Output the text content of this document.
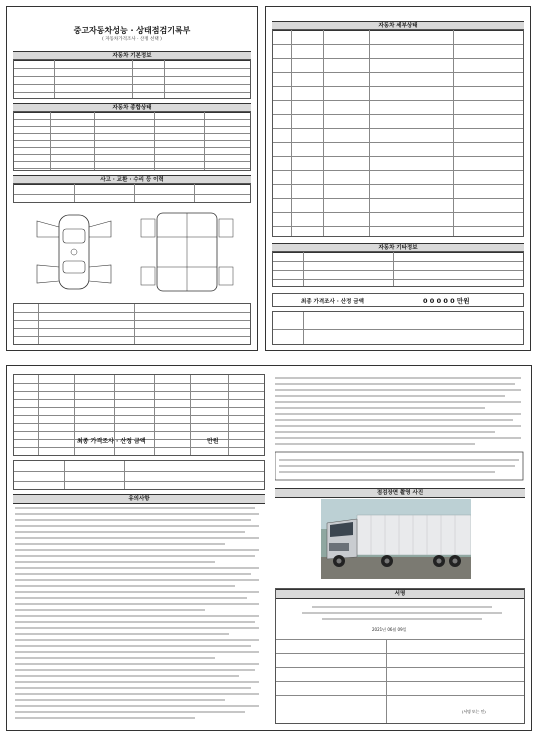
중고자동차성능 · 상태점검기록부
( 자동차가격조사 · 산정 선택 )
자동차 기본정보
자동차 종합상태
사고 · 교환 · 수리 등 이력
자동차 세부상태
자동차 기타정보
최종 가격조사 · 산정 금액	0 0 0 0 0 만원
최종 가격조사 · 산정 금액	만원
유의사항
점검장면 촬영 사진
서명
2021년 06월 09일
(서명 또는 인)
